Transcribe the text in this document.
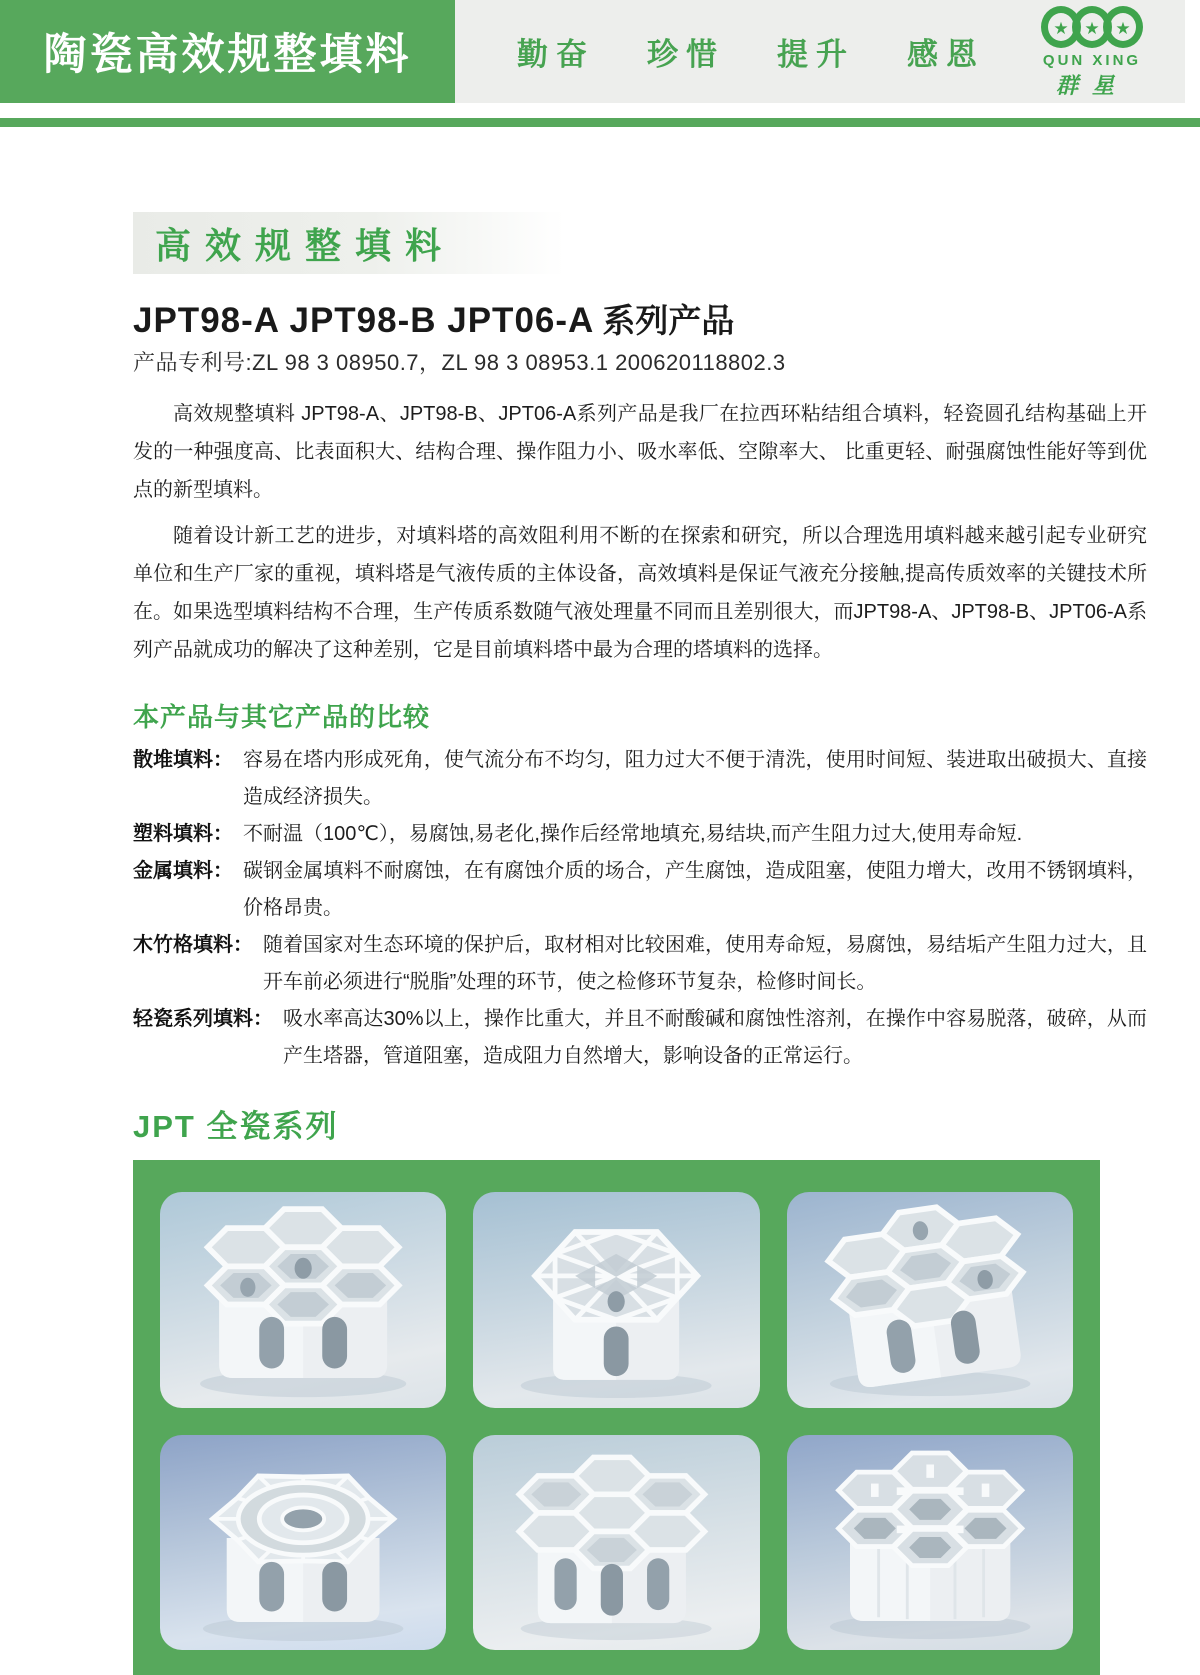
陶瓷高效规整填料	勤奋 珍惜 提升 感恩
★ ★ ★
QUN XING
群星
高效规整填料
JPT98-A JPT98-B JPT06-A 系列产品
产品专利号:ZL 98 3 08950.7，ZL 98 3 08953.1 200620118802.3

高效规整填料 JPT98-A、JPT98-B、JPT06-A系列产品是我厂在拉西环粘结组合填料，轻瓷圆孔结构基础上开发的一种强度高、比表面积大、结构合理、操作阻力小、吸水率低、空隙率大、 比重更轻、耐强腐蚀性能好等到优点的新型填料。

随着设计新工艺的进步，对填料塔的高效阻利用不断的在探索和研究，所以合理选用填料越来越引起专业研究单位和生产厂家的重视，填料塔是气液传质的主体设备，高效填料是保证气液充分接触,提高传质效率的关键技术所在。如果选型填料结构不合理，生产传质系数随气液处理量不同而且差别很大，而JPT98-A、JPT98-B、JPT06-A系列产品就成功的解决了这种差别，它是目前填料塔中最为合理的塔填料的选择。

本产品与其它产品的比较
散堆填料： 容易在塔内形成死角，使气流分布不均匀，阻力过大不便于清洗，使用时间短、装进取出破损大、直接造成经济损失。
塑料填料： 不耐温（100℃），易腐蚀,易老化,操作后经常地填充,易结块,而产生阻力过大,使用寿命短.
金属填料： 碳钢金属填料不耐腐蚀，在有腐蚀介质的场合，产生腐蚀，造成阻塞，使阻力增大，改用不锈钢填料，价格昂贵。
木竹格填料： 随着国家对生态环境的保护后，取材相对比较困难，使用寿命短，易腐蚀，易结垢产生阻力过大，且开车前必须进行“脱脂”处理的环节，使之检修环节复杂，检修时间长。
轻瓷系列填料： 吸水率高达30%以上，操作比重大，并且不耐酸碱和腐蚀性溶剂，在操作中容易脱落，破碎，从而产生塔器，管道阻塞，造成阻力自然增大，影响设备的正常运行。
JPT 全瓷系列
